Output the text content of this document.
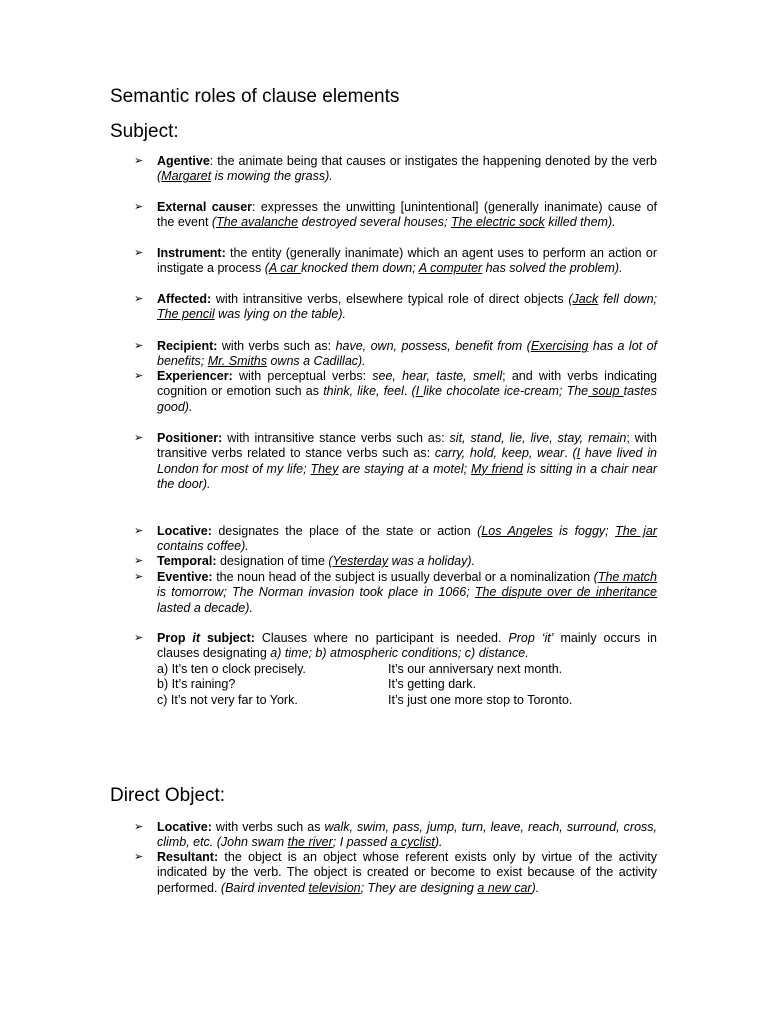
Semantic roles of clause elements
Subject:
➢ Agentive: the animate being that causes or instigates the happening denoted by the verb (Margaret is mowing the grass).
➢ External causer: expresses the unwitting [unintentional] (generally inanimate) cause of the event (The avalanche destroyed several houses; The electric sock killed them).
➢ Instrument: the entity (generally inanimate) which an agent uses to perform an action or instigate a process (A car knocked them down; A computer has solved the problem).
➢ Affected: with intransitive verbs, elsewhere typical role of direct objects (Jack fell down; The pencil was lying on the table).
➢ Recipient: with verbs such as: have, own, possess, benefit from (Exercising has a lot of benefits; Mr. Smiths owns a Cadillac).
➢ Experiencer: with perceptual verbs: see, hear, taste, smell; and with verbs indicating cognition or emotion such as think, like, feel. (I like chocolate ice-cream; The soup tastes good).
➢ Positioner: with intransitive stance verbs such as: sit, stand, lie, live, stay, remain; with transitive verbs related to stance verbs such as: carry, hold, keep, wear. (I have lived in London for most of my life; They are staying at a motel; My friend is sitting in a chair near the door).
➢ Locative: designates the place of the state or action (Los Angeles is foggy; The jar contains coffee).
➢ Temporal: designation of time (Yesterday was a holiday).
➢ Eventive: the noun head of the subject is usually deverbal or a nominalization (The match is tomorrow; The Norman invasion took place in 1066; The dispute over de inheritance lasted a decade).
➢ Prop it subject: Clauses where no participant is needed. Prop ‘it’ mainly occurs in clauses designating a) time; b) atmospheric conditions; c) distance.
a) It’s ten o clock precisely.	It’s our anniversary next month.
b) It’s raining?	It’s getting dark.
c) It’s not very far to York.	It’s just one more stop to Toronto.
Direct Object:
➢ Locative: with verbs such as walk, swim, pass, jump, turn, leave, reach, surround, cross, climb, etc. (John swam the river; I passed a cyclist).
➢ Resultant: the object is an object whose referent exists only by virtue of the activity indicated by the verb. The object is created or become to exist because of the activity performed. (Baird invented television; They are designing a new car).
